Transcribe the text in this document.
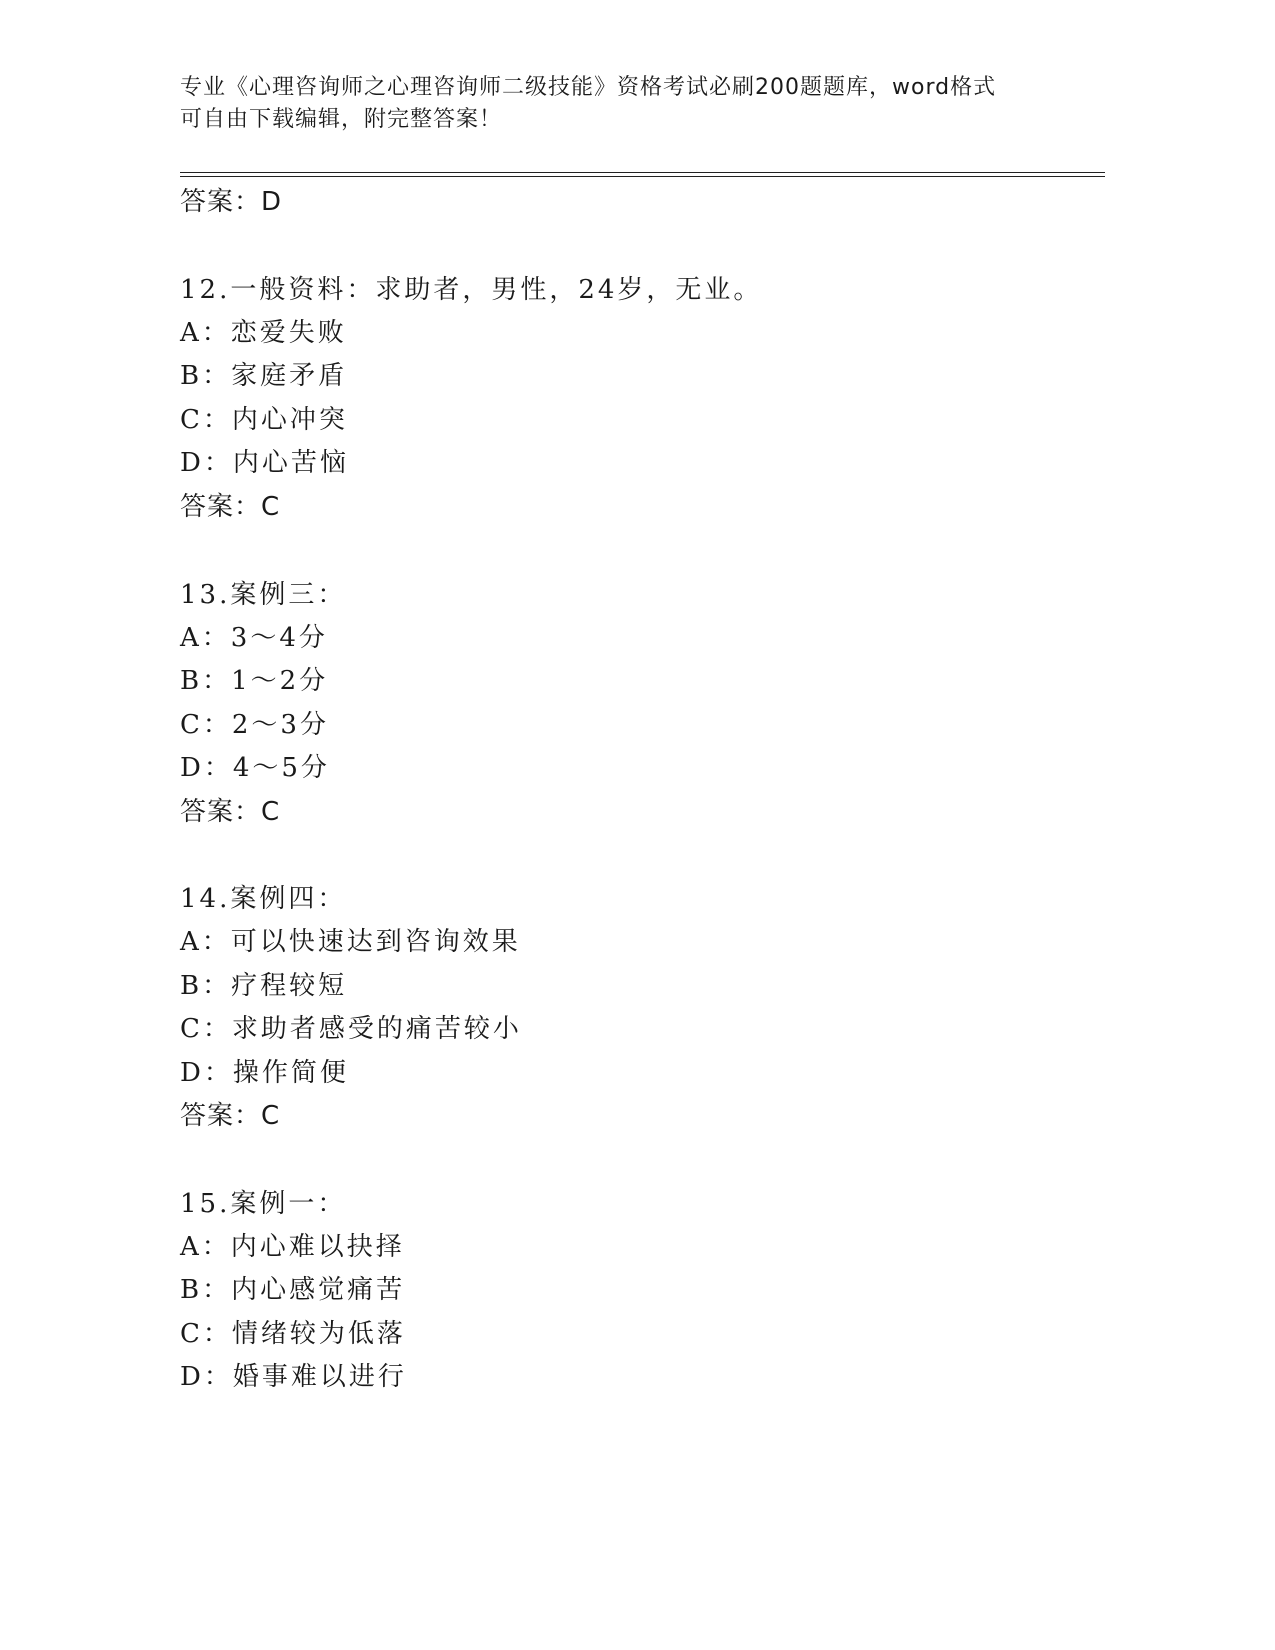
专业《心理咨询师之心理咨询师二级技能》资格考试必刷200题题库，word格式
可自由下载编辑，附完整答案！
答案：D
12.一般资料：求助者，男性，24岁，无业。
A：恋爱失败
B：家庭矛盾
C：内心冲突
D：内心苦恼
答案：C
13.案例三：
A：3～4分
B：1～2分
C：2～3分
D：4～5分
答案：C
14.案例四：
A：可以快速达到咨询效果
B：疗程较短
C：求助者感受的痛苦较小
D：操作简便
答案：C
15.案例一：
A：内心难以抉择
B：内心感觉痛苦
C：情绪较为低落
D：婚事难以进行
